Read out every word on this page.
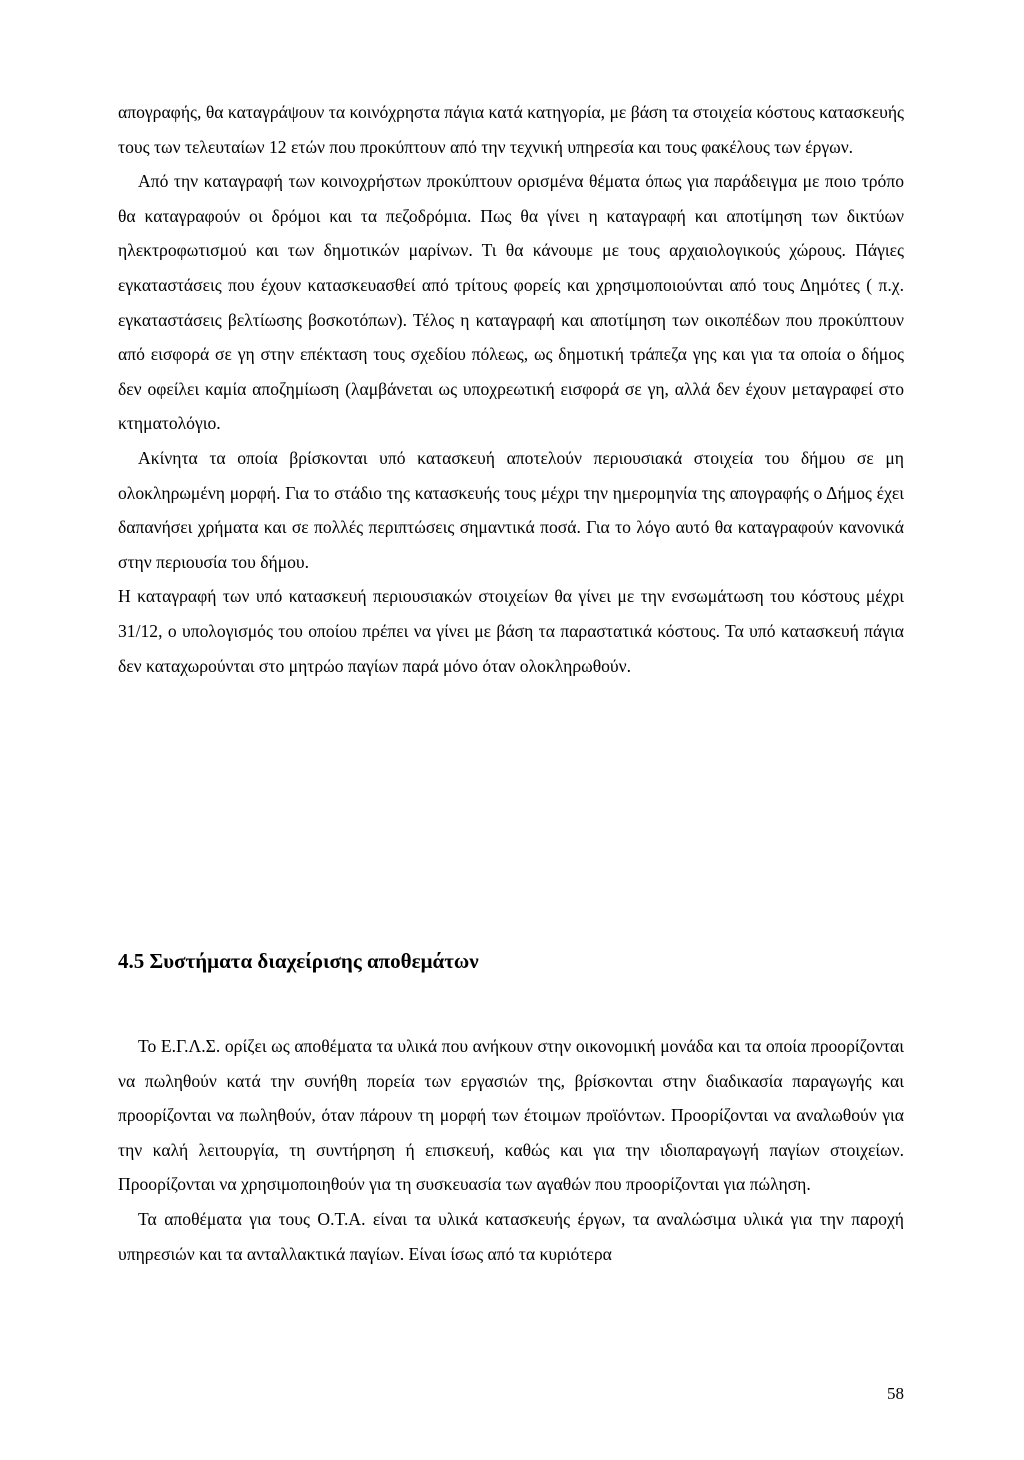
απογραφής, θα καταγράψουν τα κοινόχρηστα πάγια κατά κατηγορία, με βάση τα στοιχεία κόστους κατασκευής τους των τελευταίων 12 ετών που προκύπτουν από την τεχνική υπηρεσία και τους φακέλους των έργων.

Από την καταγραφή των κοινοχρήστων προκύπτουν ορισμένα θέματα όπως για παράδειγμα με ποιο τρόπο θα καταγραφούν οι δρόμοι και τα πεζοδρόμια. Πως θα γίνει η καταγραφή και αποτίμηση των δικτύων ηλεκτροφωτισμού και των δημοτικών μαρίνων. Τι θα κάνουμε με τους αρχαιολογικούς χώρους. Πάγιες εγκαταστάσεις που έχουν κατασκευασθεί από τρίτους φορείς και χρησιμοποιούνται από τους Δημότες ( π.χ. εγκαταστάσεις βελτίωσης βοσκοτόπων). Τέλος η καταγραφή και αποτίμηση των οικοπέδων που προκύπτουν από εισφορά σε γη στην επέκταση τους σχεδίου πόλεως, ως δημοτική τράπεζα γης και για τα οποία ο δήμος δεν οφείλει καμία αποζημίωση (λαμβάνεται ως υποχρεωτική εισφορά σε γη, αλλά δεν έχουν μεταγραφεί στο κτηματολόγιο.

Ακίνητα τα οποία βρίσκονται υπό κατασκευή αποτελούν περιουσιακά στοιχεία του δήμου σε μη ολοκληρωμένη μορφή. Για το στάδιο της κατασκευής τους μέχρι την ημερομηνία της απογραφής ο Δήμος έχει δαπανήσει χρήματα και σε πολλές περιπτώσεις σημαντικά ποσά. Για το λόγο αυτό θα καταγραφούν κανονικά στην περιουσία του δήμου.

Η καταγραφή των υπό κατασκευή περιουσιακών στοιχείων θα γίνει με την ενσωμάτωση του κόστους μέχρι 31/12, ο υπολογισμός του οποίου πρέπει να γίνει με βάση τα παραστατικά κόστους. Τα υπό κατασκευή πάγια δεν καταχωρούνται στο μητρώο παγίων παρά μόνο όταν ολοκληρωθούν.

4.5 Συστήματα διαχείρισης αποθεμάτων

Το Ε.Γ.Λ.Σ. ορίζει ως αποθέματα τα υλικά που ανήκουν στην οικονομική μονάδα και τα οποία προορίζονται να πωληθούν κατά την συνήθη πορεία των εργασιών της, βρίσκονται στην διαδικασία παραγωγής και προορίζονται να πωληθούν, όταν πάρουν τη μορφή των έτοιμων προϊόντων. Προορίζονται να αναλωθούν για την καλή λειτουργία, τη συντήρηση ή επισκευή, καθώς και για την ιδιοπαραγωγή παγίων στοιχείων. Προορίζονται να χρησιμοποιηθούν για τη συσκευασία των αγαθών που προορίζονται για πώληση.

Τα αποθέματα για τους Ο.Τ.Α. είναι τα υλικά κατασκευής έργων, τα αναλώσιμα υλικά για την παροχή υπηρεσιών και τα ανταλλακτικά παγίων. Είναι ίσως από τα κυριότερα

58
